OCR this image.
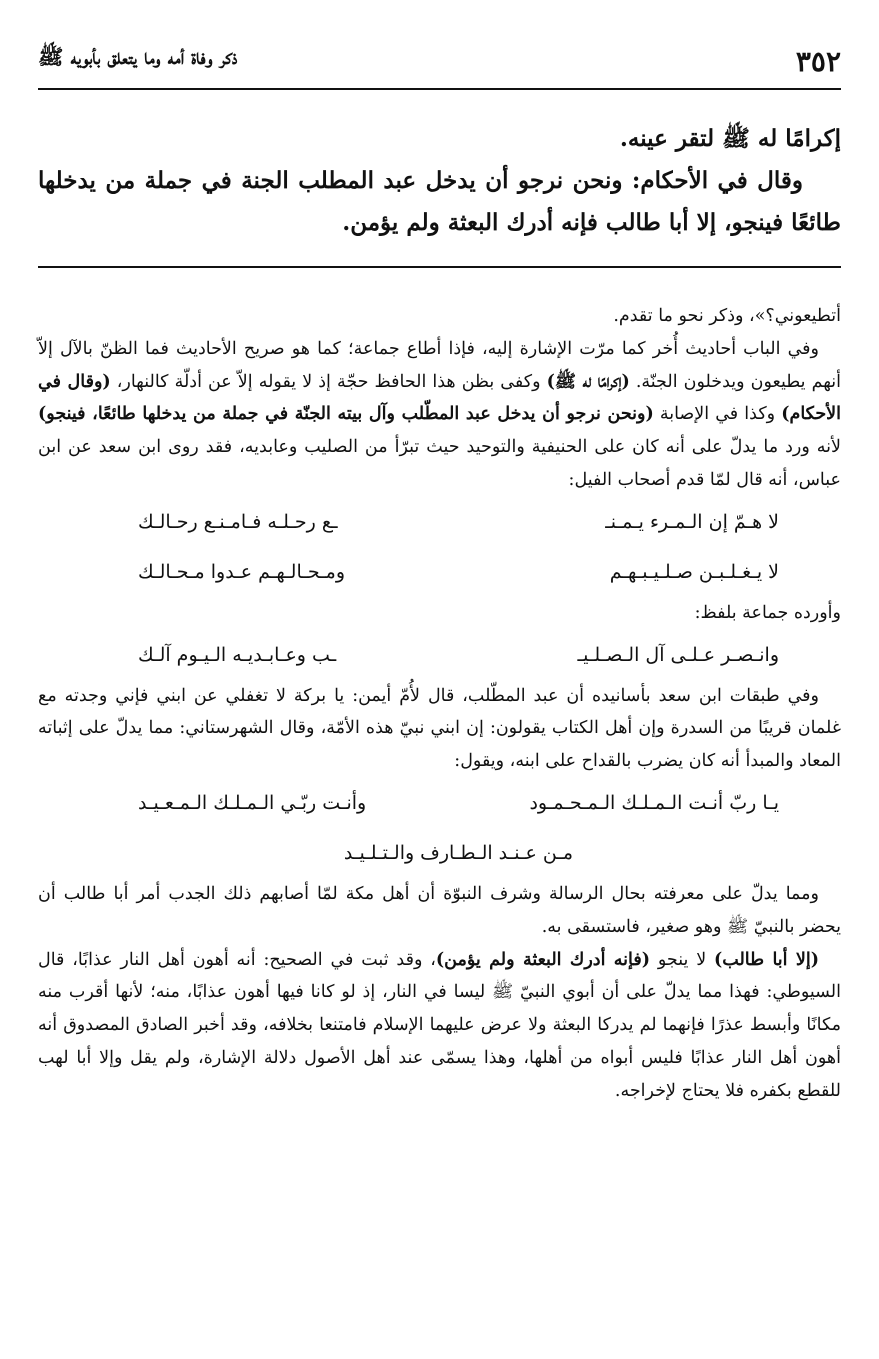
٣٥٢
ذكر وفاة أمه وما يتعلق بأبويه ﷺ

إكرامًا له ﷺ لتقر عينه.

وقال في الأحكام: ونحن نرجو أن يدخل عبد المطلب الجنة في جملة من يدخلها طائعًا فينجو، إلا أبا طالب فإنه أدرك البعثة ولم يؤمن.

أتطيعوني؟»، وذكر نحو ما تقدم.

وفي الباب أحاديث أُخر كما مرّت الإشارة إليه، فإذا أطاع جماعة؛ كما هو صريح الأحاديث فما الظنّ بالآل إلاّ أنهم يطيعون ويدخلون الجنّة. (إكرامًا له ﷺ) وكفى بظن هذا الحافظ حجّة إذ لا يقوله إلاّ عن أدلّة كالنهار، (وقال في الأحكام) وكذا في الإصابة (ونحن نرجو أن يدخل عبد المطّلب وآل بيته الجنّة في جملة من يدخلها طائعًا، فينجو) لأنه ورد ما يدلّ على أنه كان على الحنيفية والتوحيد حيث تبرّأ من الصليب وعابديه، فقد روى ابن سعد عن ابن عباس، أنه قال لمّا قدم أصحاب الفيل:

لا هـمّ إن الـمـرء يـمـنـ
ـع رحـلـه فـامـنـع رحـالـك
لا يـغـلـبـن صـلـيـبـهـم
ومـحـالـهـم عـدوا مـحـالـك

وأورده جماعة بلفظ:

وانـصـر عـلـى آل الـصـلـيـ
ـب وعـابـديـه الـيـوم آلـك

وفي طبقات ابن سعد بأسانيده أن عبد المطّلب، قال لأُمّ أيمن: يا بركة لا تغفلي عن ابني فإني وجدته مع غلمان قريبًا من السدرة وإن أهل الكتاب يقولون: إن ابني نبيّ هذه الأمّة، وقال الشهرستاني: مما يدلّ على إثباته المعاد والمبدأ أنه كان يضرب بالقداح على ابنه، ويقول:

يـا ربّ أنـت الـمـلـك الـمـحـمـود
وأنـت ربّـي الـمـلـك الـمـعـيـد
مـن عـنـد الـطـارف والـتـلـيـد

ومما يدلّ على معرفته بحال الرسالة وشرف النبوّة أن أهل مكة لمّا أصابهم ذلك الجدب أمر أبا طالب أن يحضر بالنبيّ ﷺ وهو صغير، فاستسقى به.

(إلا أبا طالب) لا ينجو (فإنه أدرك البعثة ولم يؤمن)، وقد ثبت في الصحيح: أنه أهون أهل النار عذابًا، قال السيوطي: فهذا مما يدلّ على أن أبوي النبيّ ﷺ ليسا في النار، إذ لو كانا فيها أهون عذابًا، منه؛ لأنها أقرب منه مكانًا وأبسط عذرًا فإنهما لم يدركا البعثة ولا عرض عليهما الإسلام فامتنعا بخلافه، وقد أخبر الصادق المصدوق أنه أهون أهل النار عذابًا فليس أبواه من أهلها، وهذا يسمّى عند أهل الأصول دلالة الإشارة، ولم يقل وإلا أبا لهب للقطع بكفره فلا يحتاج لإخراجه.
